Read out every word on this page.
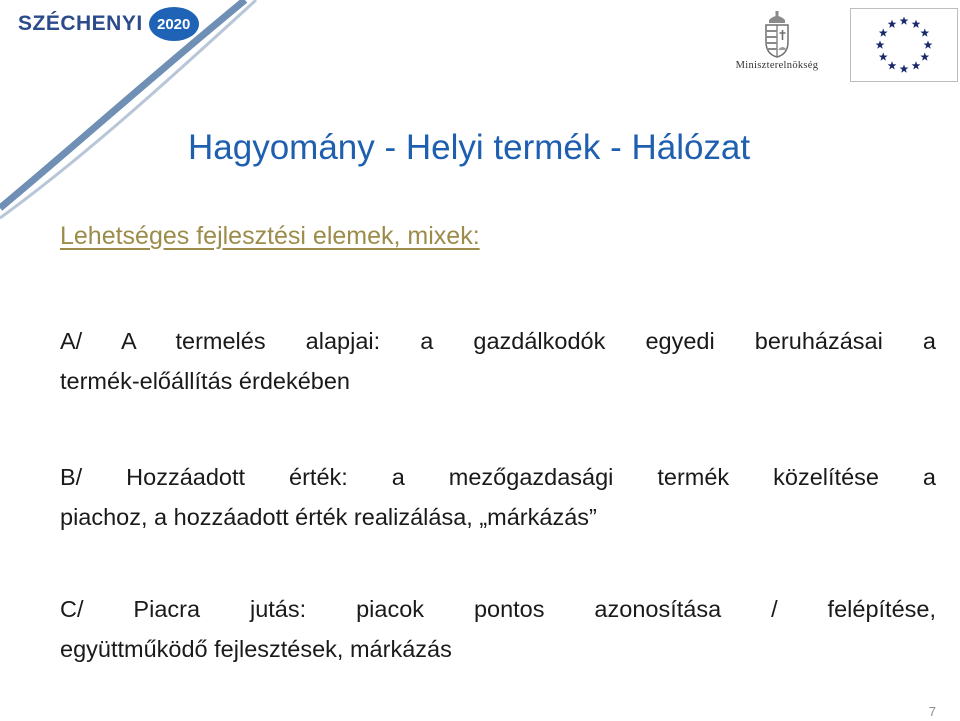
SZÉCHENYI 2020
Miniszterelnökség
Hagyomány - Helyi termék - Hálózat
Lehetséges fejlesztési elemek, mixek:

A/ A termelés alapjai: a gazdálkodók egyedi beruházásai a
termék-előállítás érdekében

B/ Hozzáadott érték: a mezőgazdasági termék közelítése a
piachoz, a hozzáadott érték realizálása, „márkázás”

C/ Piacra jutás: piacok pontos azonosítása / felépítése,
együttműködő fejlesztések, márkázás

7
